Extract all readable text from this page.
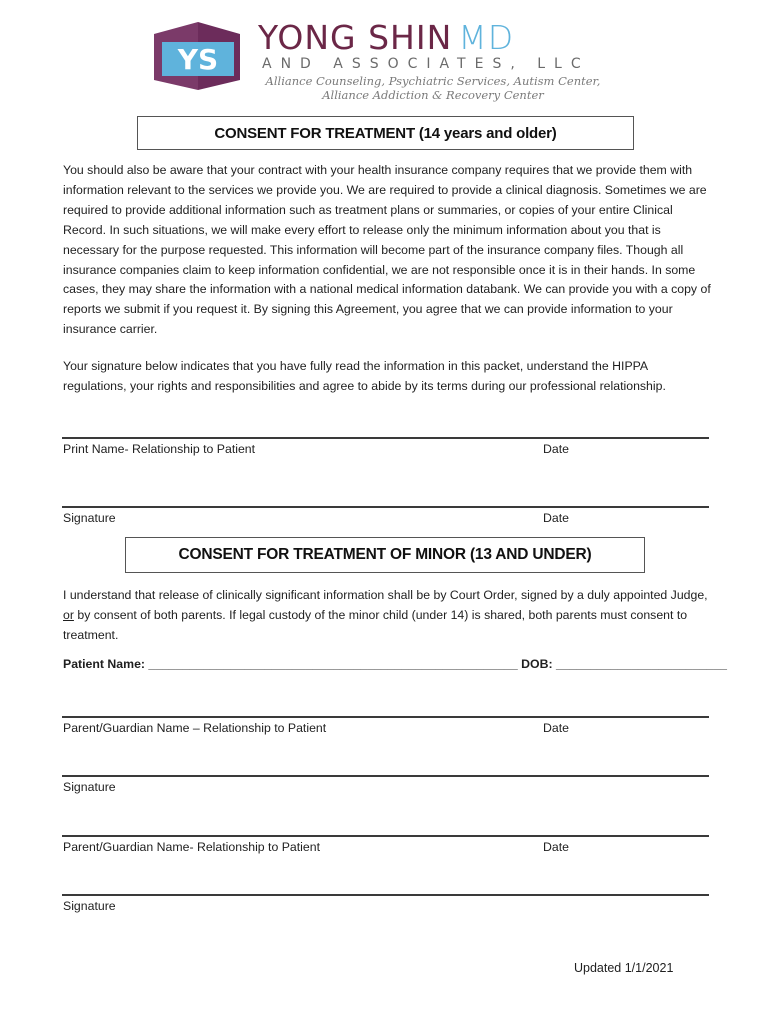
YS
YONG SHIN MD
AND ASSOCIATES, LLC
Alliance Counseling, Psychiatric Services, Autism Center,
Alliance Addiction & Recovery Center
CONSENT FOR TREATMENT (14 years and older)

You should also be aware that your contract with your health insurance company requires that we provide them with information relevant to the services we provide you. We are required to provide a clinical diagnosis. Sometimes we are required to provide additional information such as treatment plans or summaries, or copies of your entire Clinical Record. In such situations, we will make every effort to release only the minimum information about you that is necessary for the purpose requested. This information will become part of the insurance company files. Though all insurance companies claim to keep information confidential, we are not responsible once it is in their hands. In some cases, they may share the information with a national medical information databank. We can provide you with a copy of reports we submit if you request it. By signing this Agreement, you agree that we can provide information to your insurance carrier.

Your signature below indicates that you have fully read the information in this packet, understand the HIPPA regulations, your rights and responsibilities and agree to abide by its terms during our professional relationship.

Print Name- Relationship to Patient	Date
Signature	Date
CONSENT FOR TREATMENT OF MINOR (13 AND UNDER)

I understand that release of clinically significant information shall be by Court Order, signed by a duly appointed Judge, or by consent of both parents. If legal custody of the minor child (under 14) is shared, both parents must consent to treatment.

Patient Name: ______________________________________________________ DOB: _________________________
Parent/Guardian Name – Relationship to Patient	Date
Signature
Parent/Guardian Name- Relationship to Patient	Date
Signature
Updated 1/1/2021
